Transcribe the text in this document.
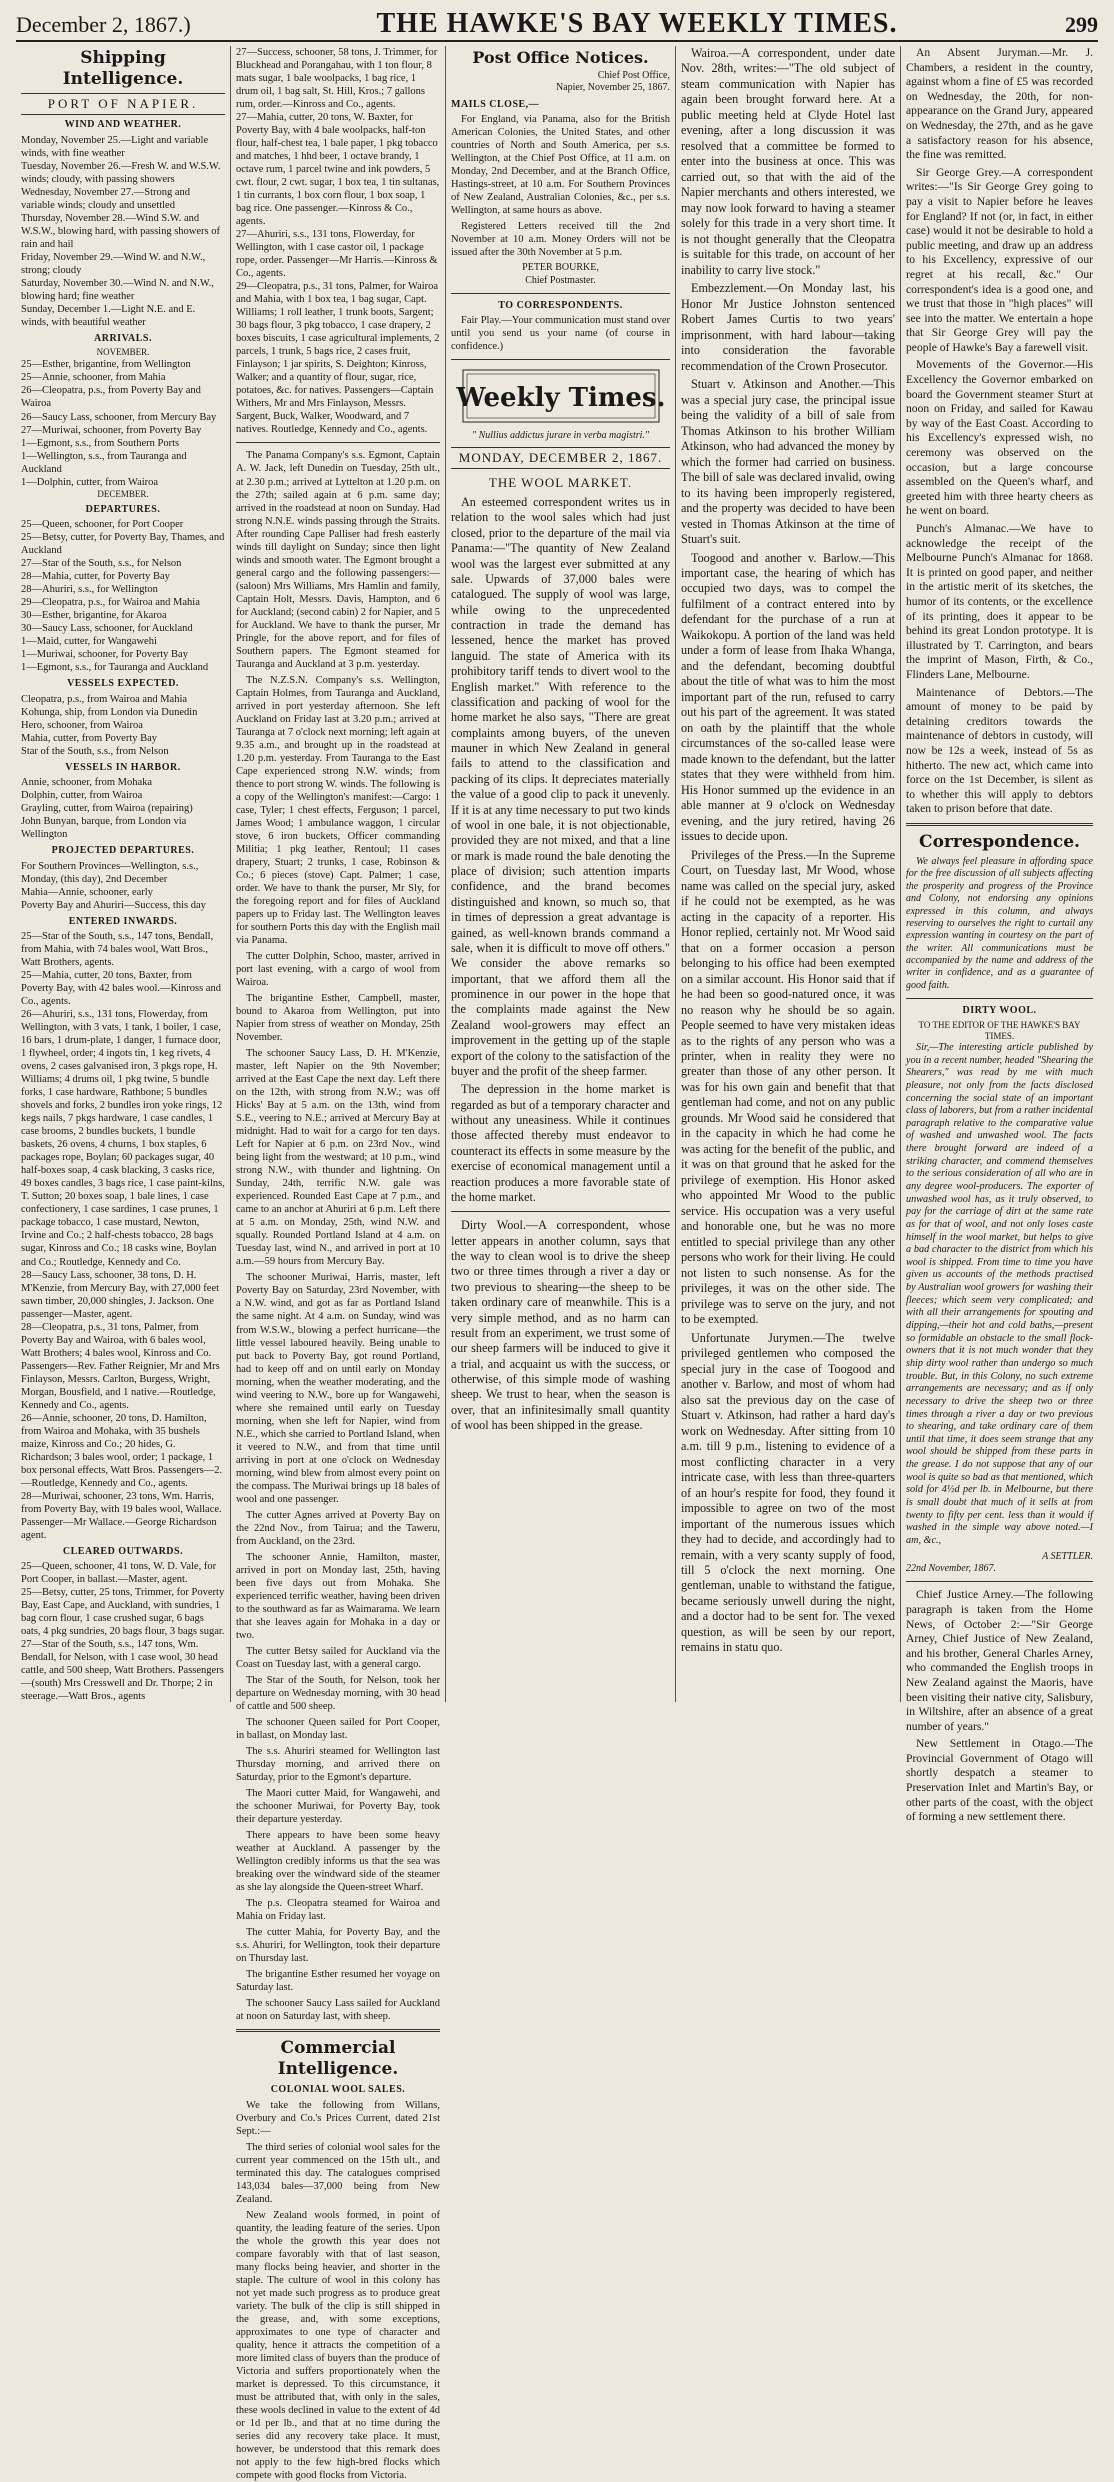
December 2, 1867.)	THE HAWKE'S BAY WEEKLY TIMES.	299
Shipping Intelligence.
PORT OF NAPIER.
WIND AND WEATHER.

Monday, November 25.—Light and variable winds, with fine weather

Tuesday, November 26.—Fresh W. and W.S.W. winds; cloudy, with passing showers

Wednesday, November 27.—Strong and variable winds; cloudy and unsettled

Thursday, November 28.—Wind S.W. and W.S.W., blowing hard, with passing showers of rain and hail

Friday, November 29.—Wind W. and N.W., strong; cloudy

Saturday, November 30.—Wind N. and N.W., blowing hard; fine weather

Sunday, December 1.—Light N.E. and E. winds, with beautiful weather

ARRIVALS.
NOVEMBER.

25—Esther, brigantine, from Wellington

25—Annie, schooner, from Mahia

26—Cleopatra, p.s., from Poverty Bay and Wairoa

26—Saucy Lass, schooner, from Mercury Bay

27—Muriwai, schooner, from Poverty Bay

1—Egmont, s.s., from Southern Ports

1—Wellington, s.s., from Tauranga and Auckland

1—Dolphin, cutter, from Wairoa

DECEMBER.
DEPARTURES.

25—Queen, schooner, for Port Cooper

25—Betsy, cutter, for Poverty Bay, Thames, and Auckland

27—Star of the South, s.s., for Nelson

28—Mahia, cutter, for Poverty Bay

28—Ahuriri, s.s., for Wellington

29—Cleopatra, p.s., for Wairoa and Mahia

30—Esther, brigantine, for Akaroa

30—Saucy Lass, schooner, for Auckland

1—Maid, cutter, for Wangawehi

1—Muriwai, schooner, for Poverty Bay

1—Egmont, s.s., for Tauranga and Auckland

VESSELS EXPECTED.

Cleopatra, p.s., from Wairoa and Mahia

Kohunga, ship, from London via Dunedin

Hero, schooner, from Wairoa

Mahia, cutter, from Poverty Bay

Star of the South, s.s., from Nelson

VESSELS IN HARBOR.

Annie, schooner, from Mohaka

Dolphin, cutter, from Wairoa

Grayling, cutter, from Wairoa (repairing)

John Bunyan, barque, from London via Wellington

PROJECTED DEPARTURES.

For Southern Provinces—Wellington, s.s., Monday, (this day), 2nd December

Mahia—Annie, schooner, early

Poverty Bay and Ahuriri—Success, this day

ENTERED INWARDS.

25—Star of the South, s.s., 147 tons, Bendall, from Mahia, with 74 bales wool, Watt Bros., Watt Brothers, agents.

25—Mahia, cutter, 20 tons, Baxter, from Poverty Bay, with 42 bales wool.—Kinross and Co., agents.

26—Ahuriri, s.s., 131 tons, Flowerday, from Wellington, with 3 vats, 1 tank, 1 boiler, 1 case, 16 bars, 1 drum-plate, 1 danger, 1 furnace door, 1 flywheel, order; 4 ingots tin, 1 keg rivets, 4 ovens, 2 cases galvanised iron, 3 pkgs rope, H. Williams; 4 drums oil, 1 pkg twine, 5 bundle forks, 1 case hardware, Rathbone; 5 bundles shovels and forks, 2 bundles iron yoke rings, 12 kegs nails, 7 pkgs hardware, 1 case candles, 1 case brooms, 2 bundles buckets, 1 bundle baskets, 26 ovens, 4 churns, 1 box staples, 6 packages rope, Boylan; 60 packages sugar, 40 half-boxes soap, 4 cask blacking, 3 casks rice, 49 boxes candles, 3 bags rice, 1 case paint-kilns, T. Sutton; 20 boxes soap, 1 bale lines, 1 case confectionery, 1 case sardines, 1 case prunes, 1 package tobacco, 1 case mustard, Newton, Irvine and Co.; 2 half-chests tobacco, 28 bags sugar, Kinross and Co.; 18 casks wine, Boylan and Co.; Routledge, Kennedy and Co.

28—Saucy Lass, schooner, 38 tons, D. H. M'Kenzie, from Mercury Bay, with 27,000 feet sawn timber, 20,000 shingles, J. Jackson. One passenger—Master, agent.

28—Cleopatra, p.s., 31 tons, Palmer, from Poverty Bay and Wairoa, with 6 bales wool, Watt Brothers; 4 bales wool, Kinross and Co. Passengers—Rev. Father Reignier, Mr and Mrs Finlayson, Messrs. Carlton, Burgess, Wright, Morgan, Bousfield, and 1 native.—Routledge, Kennedy and Co., agents.

26—Annie, schooner, 20 tons, D. Hamilton, from Wairoa and Mohaka, with 35 bushels maize, Kinross and Co.; 20 hides, G. Richardson; 3 bales wool, order; 1 package, 1 box personal effects, Watt Bros. Passengers—2.—Routledge, Kennedy and Co., agents.

28—Muriwai, schooner, 23 tons, Wm. Harris, from Poverty Bay, with 19 bales wool, Wallace. Passenger—Mr Wallace.—George Richardson agent.

CLEARED OUTWARDS.

25—Queen, schooner, 41 tons, W. D. Vale, for Port Cooper, in ballast.—Master, agent.

25—Betsy, cutter, 25 tons, Trimmer, for Poverty Bay, East Cape, and Auckland, with sundries, 1 bag corn flour, 1 case crushed sugar, 6 bags oats, 4 pkg sundries, 20 bags flour, 3 bags sugar.

27—Star of the South, s.s., 147 tons, Wm. Bendall, for Nelson, with 1 case wool, 30 head cattle, and 500 sheep, Watt Brothers. Passengers—(south) Mrs Cresswell and Dr. Thorpe; 2 in steerage.—Watt Bros., agents

27—Success, schooner, 58 tons, J. Trimmer, for Bluckhead and Porangahau, with 1 ton flour, 8 mats sugar, 1 bale woolpacks, 1 bag rice, 1 drum oil, 1 bag salt, St. Hill, Kros.; 7 gallons rum, order.—Kinross and Co., agents.

27—Mahia, cutter, 20 tons, W. Baxter, for Poverty Bay, with 4 bale woolpacks, half-ton flour, half-chest tea, 1 bale paper, 1 pkg tobacco and matches, 1 hhd beer, 1 octave brandy, 1 octave rum, 1 parcel twine and ink powders, 5 cwt. flour, 2 cwt. sugar, 1 box tea, 1 tin sultanas, 1 tin currants, 1 box corn flour, 1 box soap, 1 bag rice. One passenger.—Kinross & Co., agents.

27—Ahuriri, s.s., 131 tons, Flowerday, for Wellington, with 1 case castor oil, 1 package rope, order. Passenger—Mr Harris.—Kinross & Co., agents.

29—Cleopatra, p.s., 31 tons, Palmer, for Wairoa and Mahia, with 1 box tea, 1 bag sugar, Capt. Williams; 1 roll leather, 1 trunk boots, Sargent; 30 bags flour, 3 pkg tobacco, 1 case drapery, 2 boxes biscuits, 1 case agricultural implements, 2 parcels, 1 trunk, 5 bags rice, 2 cases fruit, Finlayson; 1 jar spirits, S. Deighton; Kinross, Walker; and a quantity of flour, sugar, rice, potatoes, &c. for natives. Passengers—Captain Withers, Mr and Mrs Finlayson, Messrs. Sargent, Buck, Walker, Woodward, and 7 natives. Routledge, Kennedy and Co., agents.

The Panama Company's s.s. Egmont, Captain A. W. Jack, left Dunedin on Tuesday, 25th ult., at 2.30 p.m.; arrived at Lyttelton at 1.20 p.m. on the 27th; sailed again at 6 p.m. same day; arrived in the roadstead at noon on Sunday. Had strong N.N.E. winds passing through the Straits. After rounding Cape Palliser had fresh easterly winds till daylight on Sunday; since then light winds and smooth water. The Egmont brought a general cargo and the following passengers:—(saloon) Mrs Williams, Mrs Hamlin and family, Captain Holt, Messrs. Davis, Hampton, and 6 for Auckland; (second cabin) 2 for Napier, and 5 for Auckland. We have to thank the purser, Mr Pringle, for the above report, and for files of Southern papers. The Egmont steamed for Tauranga and Auckland at 3 p.m. yesterday.

The N.Z.S.N. Company's s.s. Wellington, Captain Holmes, from Tauranga and Auckland, arrived in port yesterday afternoon. She left Auckland on Friday last at 3.20 p.m.; arrived at Tauranga at 7 o'clock next morning; left again at 9.35 a.m., and brought up in the roadstead at 1.20 p.m. yesterday. From Tauranga to the East Cape experienced strong N.W. winds; from thence to port strong W. winds. The following is a copy of the Wellington's manifest:—Cargo: 1 case, Tyler; 1 chest effects, Ferguson; 1 parcel, James Wood; 1 ambulance waggon, 1 circular stove, 6 iron buckets, Officer commanding Militia; 1 pkg leather, Rentoul; 11 cases drapery, Stuart; 2 trunks, 1 case, Robinson & Co.; 6 pieces (stove) Capt. Palmer; 1 case, order. We have to thank the purser, Mr Sly, for the foregoing report and for files of Auckland papers up to Friday last. The Wellington leaves for southern Ports this day with the English mail via Panama.

The cutter Dolphin, Schoo, master, arrived in port last evening, with a cargo of wool from Wairoa.

The brigantine Esther, Campbell, master, bound to Akaroa from Wellington, put into Napier from stress of weather on Monday, 25th November.

The schooner Saucy Lass, D. H. M'Kenzie, master, left Napier on the 9th November; arrived at the East Cape the next day. Left there on the 12th, with strong from N.W.; was off Hicks' Bay at 5 a.m. on the 13th, wind from S.E., veering to N.E.; arrived at Mercury Bay at midnight. Had to wait for a cargo for ten days. Left for Napier at 6 p.m. on 23rd Nov., wind being light from the westward; at 10 p.m., wind strong N.W., with thunder and lightning. On Sunday, 24th, terrific N.W. gale was experienced. Rounded East Cape at 7 p.m., and came to an anchor at Ahuriri at 6 p.m. Left there at 5 a.m. on Monday, 25th, wind N.W. and squally. Rounded Portland Island at 4 a.m. on Tuesday last, wind N., and arrived in port at 10 a.m.—59 hours from Mercury Bay.

The schooner Muriwai, Harris, master, left Poverty Bay on Saturday, 23rd November, with a N.W. wind, and got as far as Portland Island the same night. At 4 a.m. on Sunday, wind was from W.S.W., blowing a perfect hurricane—the little vessel laboured heavily. Being unable to put back to Poverty Bay, got round Portland, had to keep off and on until early on Monday morning, when the weather moderating, and the wind veering to N.W., bore up for Wangawehi, where she remained until early on Tuesday morning, when she left for Napier, wind from N.E., which she carried to Portland Island, when it veered to N.W., and from that time until arriving in port at one o'clock on Wednesday morning, wind blew from almost every point on the compass. The Muriwai brings up 18 bales of wool and one passenger.

The cutter Agnes arrived at Poverty Bay on the 22nd Nov., from Tairua; and the Taweru, from Auckland, on the 23rd.

The schooner Annie, Hamilton, master, arrived in port on Monday last, 25th, having been five days out from Mohaka. She experienced terrific weather, having been driven to the southward as far as Waimarama. We learn that she leaves again for Mohaka in a day or two.

The cutter Betsy sailed for Auckland via the Coast on Tuesday last, with a general cargo.

The Star of the South, for Nelson, took her departure on Wednesday morning, with 30 head of cattle and 500 sheep.

The schooner Queen sailed for Port Cooper, in ballast, on Monday last.

The s.s. Ahuriri steamed for Wellington last Thursday morning, and arrived there on Saturday, prior to the Egmont's departure.

The Maori cutter Maid, for Wangawehi, and the schooner Muriwai, for Poverty Bay, took their departure yesterday.

There appears to have been some heavy weather at Auckland. A passenger by the Wellington credibly informs us that the sea was breaking over the windward side of the steamer as she lay alongside the Queen-street Wharf.

The p.s. Cleopatra steamed for Wairoa and Mahia on Friday last.

The cutter Mahia, for Poverty Bay, and the s.s. Ahuriri, for Wellington, took their departure on Thursday last.

The brigantine Esther resumed her voyage on Saturday last.

The schooner Saucy Lass sailed for Auckland at noon on Saturday last, with sheep.

Commercial Intelligence.
COLONIAL WOOL SALES.

We take the following from Willans, Overbury and Co.'s Prices Current, dated 21st Sept.:—

The third series of colonial wool sales for the current year commenced on the 15th ult., and terminated this day. The catalogues comprised 143,034 bales—37,000 being from New Zealand.

New Zealand wools formed, in point of quantity, the leading feature of the series. Upon the whole the growth this year does not compare favorably with that of last season, many flocks being heavier, and shorter in the staple. The culture of wool in this colony has not yet made such progress as to produce great variety. The bulk of the clip is still shipped in the grease, and, with some exceptions, approximates to one type of character and quality, hence it attracts the competition of a more limited class of buyers than the produce of Victoria and suffers proportionately when the market is depressed. To this circumstance, it must be attributed that, with only in the sales, these wools declined in value to the extent of 4d or 1d per lb., and that at no time during the series did any recovery take place. It must, however, be understood that this remark does not apply to the few high-bred flocks which compete with good flocks from Victoria.

Post Office Notices.
Chief Post Office,
Napier, November 25, 1867.
MAILS CLOSE,—

For England, via Panama, also for the British American Colonies, the United States, and other countries of North and South America, per s.s. Wellington, at the Chief Post Office, at 11 a.m. on Monday, 2nd December, and at the Branch Office, Hastings-street, at 10 a.m. For Southern Provinces of New Zealand, Australian Colonies, &c., per s.s. Wellington, at same hours as above.

Registered Letters received till the 2nd November at 10 a.m. Money Orders will not be issued after the 30th November at 5 p.m.

PETER BOURKE,
Chief Postmaster.
TO CORRESPONDENTS.

Fair Play.—Your communication must stand over until you send us your name (of course in confidence.)

Weekly Times.
" Nullius addictus jurare in verba magistri."
MONDAY, DECEMBER 2, 1867.
THE WOOL MARKET.

An esteemed correspondent writes us in relation to the wool sales which had just closed, prior to the departure of the mail via Panama:—"The quantity of New Zealand wool was the largest ever submitted at any sale. Upwards of 37,000 bales were catalogued. The supply of wool was large, while owing to the unprecedented contraction in trade the demand has lessened, hence the market has proved languid. The state of America with its prohibitory tariff tends to divert wool to the English market." With reference to the classification and packing of wool for the home market he also says, "There are great complaints among buyers, of the uneven mauner in which New Zealand in general fails to attend to the classification and packing of its clips. It depreciates materially the value of a good clip to pack it unevenly. If it is at any time necessary to put two kinds of wool in one bale, it is not objectionable, provided they are not mixed, and that a line or mark is made round the bale denoting the place of division; such attention imparts confidence, and the brand becomes distinguished and known, so much so, that in times of depression a great advantage is gained, as well-known brands command a sale, when it is difficult to move off others." We consider the above remarks so important, that we afford them all the prominence in our power in the hope that the complaints made against the New Zealand wool-growers may effect an improvement in the getting up of the staple export of the colony to the satisfaction of the buyer and the profit of the sheep farmer.

The depression in the home market is regarded as but of a temporary character and without any uneasiness. While it continues those affected thereby must endeavor to counteract its effects in some measure by the exercise of economical management until a reaction produces a more favorable state of the home market.

Dirty Wool.—A correspondent, whose letter appears in another column, says that the way to clean wool is to drive the sheep two or three times through a river a day or two previous to shearing—the sheep to be taken ordinary care of meanwhile. This is a very simple method, and as no harm can result from an experiment, we trust some of our sheep farmers will be induced to give it a trial, and acquaint us with the success, or otherwise, of this simple mode of washing sheep. We trust to hear, when the season is over, that an infinitesimally small quantity of wool has been shipped in the grease.

Wairoa.—A correspondent, under date Nov. 28th, writes:—"The old subject of steam communication with Napier has again been brought forward here. At a public meeting held at Clyde Hotel last evening, after a long discussion it was resolved that a committee be formed to enter into the business at once. This was carried out, so that with the aid of the Napier merchants and others interested, we may now look forward to having a steamer solely for this trade in a very short time. It is not thought generally that the Cleopatra is suitable for this trade, on account of her inability to carry live stock."

Embezzlement.—On Monday last, his Honor Mr Justice Johnston sentenced Robert James Curtis to two years' imprisonment, with hard labour—taking into consideration the favorable recommendation of the Crown Prosecutor.

Stuart v. Atkinson and Another.—This was a special jury case, the principal issue being the validity of a bill of sale from Thomas Atkinson to his brother William Atkinson, who had advanced the money by which the former had carried on business. The bill of sale was declared invalid, owing to its having been improperly registered, and the property was decided to have been vested in Thomas Atkinson at the time of Stuart's suit.

Toogood and another v. Barlow.—This important case, the hearing of which has occupied two days, was to compel the fulfilment of a contract entered into by defendant for the purchase of a run at Waikokopu. A portion of the land was held under a form of lease from Ihaka Whanga, and the defendant, becoming doubtful about the title of what was to him the most important part of the run, refused to carry out his part of the agreement. It was stated on oath by the plaintiff that the whole circumstances of the so-called lease were made known to the defendant, but the latter states that they were withheld from him. His Honor summed up the evidence in an able manner at 9 o'clock on Wednesday evening, and the jury retired, having 26 issues to decide upon.

Privileges of the Press.—In the Supreme Court, on Tuesday last, Mr Wood, whose name was called on the special jury, asked if he could not be exempted, as he was acting in the capacity of a reporter. His Honor replied, certainly not. Mr Wood said that on a former occasion a person belonging to his office had been exempted on a similar account. His Honor said that if he had been so good-natured once, it was no reason why he should be so again. People seemed to have very mistaken ideas as to the rights of any person who was a printer, when in reality they were no greater than those of any other person. It was for his own gain and benefit that that gentleman had come, and not on any public grounds. Mr Wood said he considered that in the capacity in which he had come he was acting for the benefit of the public, and it was on that ground that he asked for the privilege of exemption. His Honor asked who appointed Mr Wood to the public service. His occupation was a very useful and honorable one, but he was no more entitled to special privilege than any other persons who work for their living. He could not listen to such nonsense. As for the privileges, it was on the other side. The privilege was to serve on the jury, and not to be exempted.

Unfortunate Jurymen.—The twelve privileged gentlemen who composed the special jury in the case of Toogood and another v. Barlow, and most of whom had also sat the previous day on the case of Stuart v. Atkinson, had rather a hard day's work on Wednesday. After sitting from 10 a.m. till 9 p.m., listening to evidence of a most conflicting character in a very intricate case, with less than three-quarters of an hour's respite for food, they found it impossible to agree on two of the most important of the numerous issues which they had to decide, and accordingly had to remain, with a very scanty supply of food, till 5 o'clock the next morning. One gentleman, unable to withstand the fatigue, became seriously unwell during the night, and a doctor had to be sent for. The vexed question, as will be seen by our report, remains in statu quo.

An Absent Juryman.—Mr. J. Chambers, a resident in the country, against whom a fine of £5 was recorded on Wednesday, the 20th, for non-appearance on the Grand Jury, appeared on Wednesday, the 27th, and as he gave a satisfactory reason for his absence, the fine was remitted.

Sir George Grey.—A correspondent writes:—"Is Sir George Grey going to pay a visit to Napier before he leaves for England? If not (or, in fact, in either case) would it not be desirable to hold a public meeting, and draw up an address to his Excellency, expressive of our regret at his recall, &c." Our correspondent's idea is a good one, and we trust that those in "high places" will see into the matter. We entertain a hope that Sir George Grey will pay the people of Hawke's Bay a farewell visit.

Movements of the Governor.—His Excellency the Governor embarked on board the Government steamer Sturt at noon on Friday, and sailed for Kawau by way of the East Coast. According to his Excellency's expressed wish, no ceremony was observed on the occasion, but a large concourse assembled on the Queen's wharf, and greeted him with three hearty cheers as he went on board.

Punch's Almanac.—We have to acknowledge the receipt of the Melbourne Punch's Almanac for 1868. It is printed on good paper, and neither in the artistic merit of its sketches, the humor of its contents, or the excellence of its printing, does it appear to be behind its great London prototype. It is illustrated by T. Carrington, and bears the imprint of Mason, Firth, & Co., Flinders Lane, Melbourne.

Maintenance of Debtors.—The amount of money to be paid by detaining creditors towards the maintenance of debtors in custody, will now be 12s a week, instead of 5s as hitherto. The new act, which came into force on the 1st December, is silent as to whether this will apply to debtors taken to prison before that date.

Correspondence.

We always feel pleasure in affording space for the free discussion of all subjects affecting the prosperity and progress of the Province and Colony, not endorsing any opinions expressed in this column, and always reserving to ourselves the right to curtail any expression wanting in courtesy on the part of the writer. All communications must be accompanied by the name and address of the writer in confidence, and as a guarantee of good faith.

DIRTY WOOL.
TO THE EDITOR OF THE HAWKE'S BAY TIMES.

Sir,—The interesting article published by you in a recent number, headed "Shearing the Shearers," was read by me with much pleasure, not only from the facts disclosed concerning the social state of an important class of laborers, but from a rather incidental paragraph relative to the comparative value of washed and unwashed wool. The facts there brought forward are indeed of a striking character, and commend themselves to the serious consideration of all who are in any degree wool-producers. The exporter of unwashed wool has, as it truly observed, to pay for the carriage of dirt at the same rate as for that of wool, and not only loses caste himself in the wool market, but helps to give a bad character to the district from which his wool is shipped. From time to time you have given us accounts of the methods practised by Australian wool growers for washing their fleeces; which seem very complicated; and with all their arrangements for spouting and dipping,—their hot and cold baths,—present so formidable an obstacle to the small flock-owners that it is not much wonder that they ship dirty wool rather than undergo so much trouble. But, in this Colony, no such extreme arrangements are necessary; and as if only necessary to drive the sheep two or three times through a river a day or two previous to shearing, and take ordinary care of them until that time, it does seem strange that any wool should be shipped from these parts in the grease. I do not suppose that any of our wool is quite so bad as that mentioned, which sold for 4½d per lb. in Melbourne, but there is small doubt that much of it sells at from twenty to fifty per cent. less than it would if washed in the simple way above noted.—I am, &c.,

A SETTLER.
22nd November, 1867.

Chief Justice Arney.—The following paragraph is taken from the Home News, of October 2:—"Sir George Arney, Chief Justice of New Zealand, and his brother, General Charles Arney, who commanded the English troops in New Zealand against the Maoris, have been visiting their native city, Salisbury, in Wiltshire, after an absence of a great number of years."

New Settlement in Otago.—The Provincial Government of Otago will shortly despatch a steamer to Preservation Inlet and Martin's Bay, or other parts of the coast, with the object of forming a new settlement there.
